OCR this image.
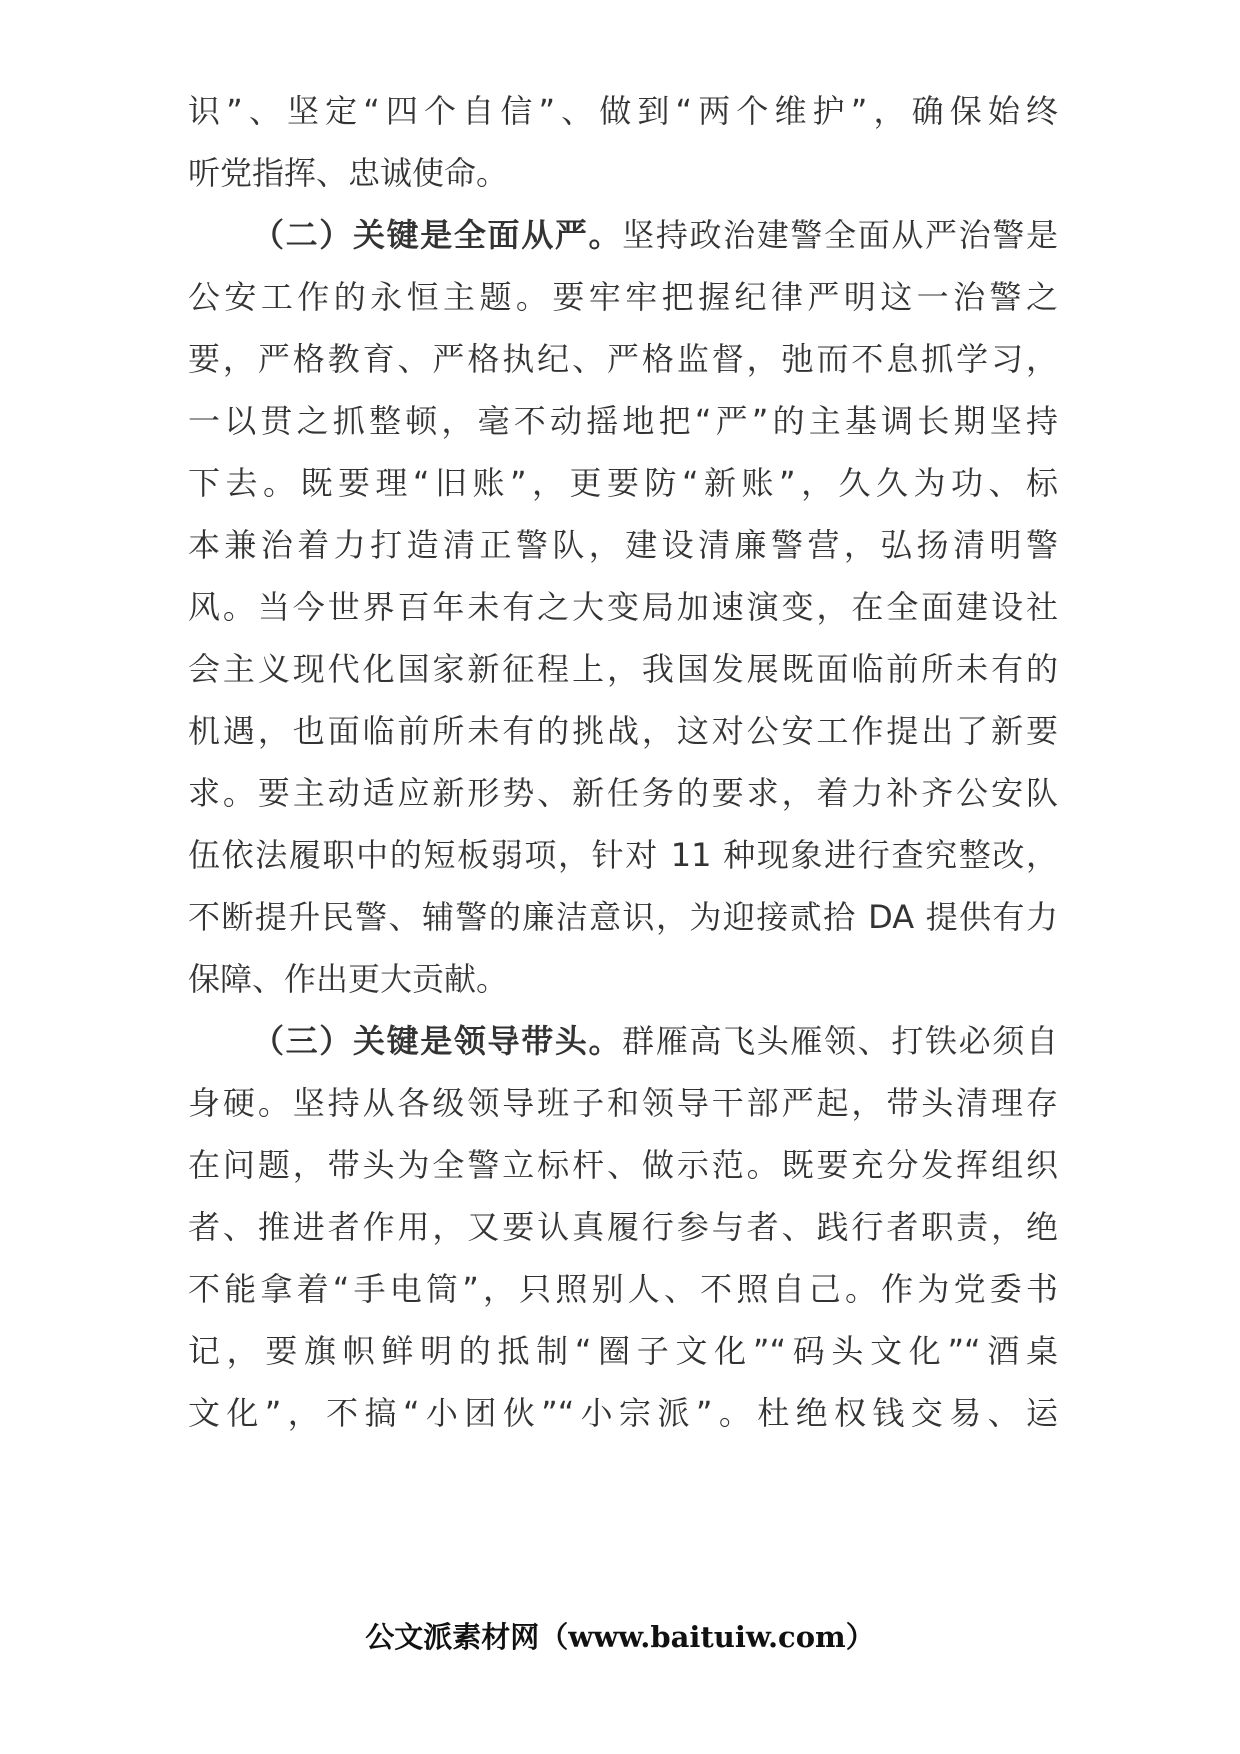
识”、坚定“四个自信”、做到“两个维护”，确保始终
听党指挥、忠诚使命。
（二）关键是全面从严。坚持政治建警全面从严治警是
公安工作的永恒主题。要牢牢把握纪律严明这一治警之
要，严格教育、严格执纪、严格监督，弛而不息抓学习，
一以贯之抓整顿，毫不动摇地把“严”的主基调长期坚持
下去。既要理“旧账”，更要防“新账”，久久为功、标
本兼治着力打造清正警队，建设清廉警营，弘扬清明警
风。当今世界百年未有之大变局加速演变，在全面建设社
会主义现代化国家新征程上，我国发展既面临前所未有的
机遇，也面临前所未有的挑战，这对公安工作提出了新要
求。要主动适应新形势、新任务的要求，着力补齐公安队
伍依法履职中的短板弱项，针对 11 种现象进行查究整改，
不断提升民警、辅警的廉洁意识，为迎接贰拾 DA 提供有力
保障、作出更大贡献。
（三）关键是领导带头。群雁高飞头雁领、打铁必须自
身硬。坚持从各级领导班子和领导干部严起，带头清理存
在问题，带头为全警立标杆、做示范。既要充分发挥组织
者、推进者作用，又要认真履行参与者、践行者职责，绝
不能拿着“手电筒”，只照别人、不照自己。作为党委书
记，要旗帜鲜明的抵制“圈子文化”“码头文化”“酒桌
文化”，不搞“小团伙”“小宗派”。杜绝权钱交易、运
公文派素材网（www.baituiw.com）
